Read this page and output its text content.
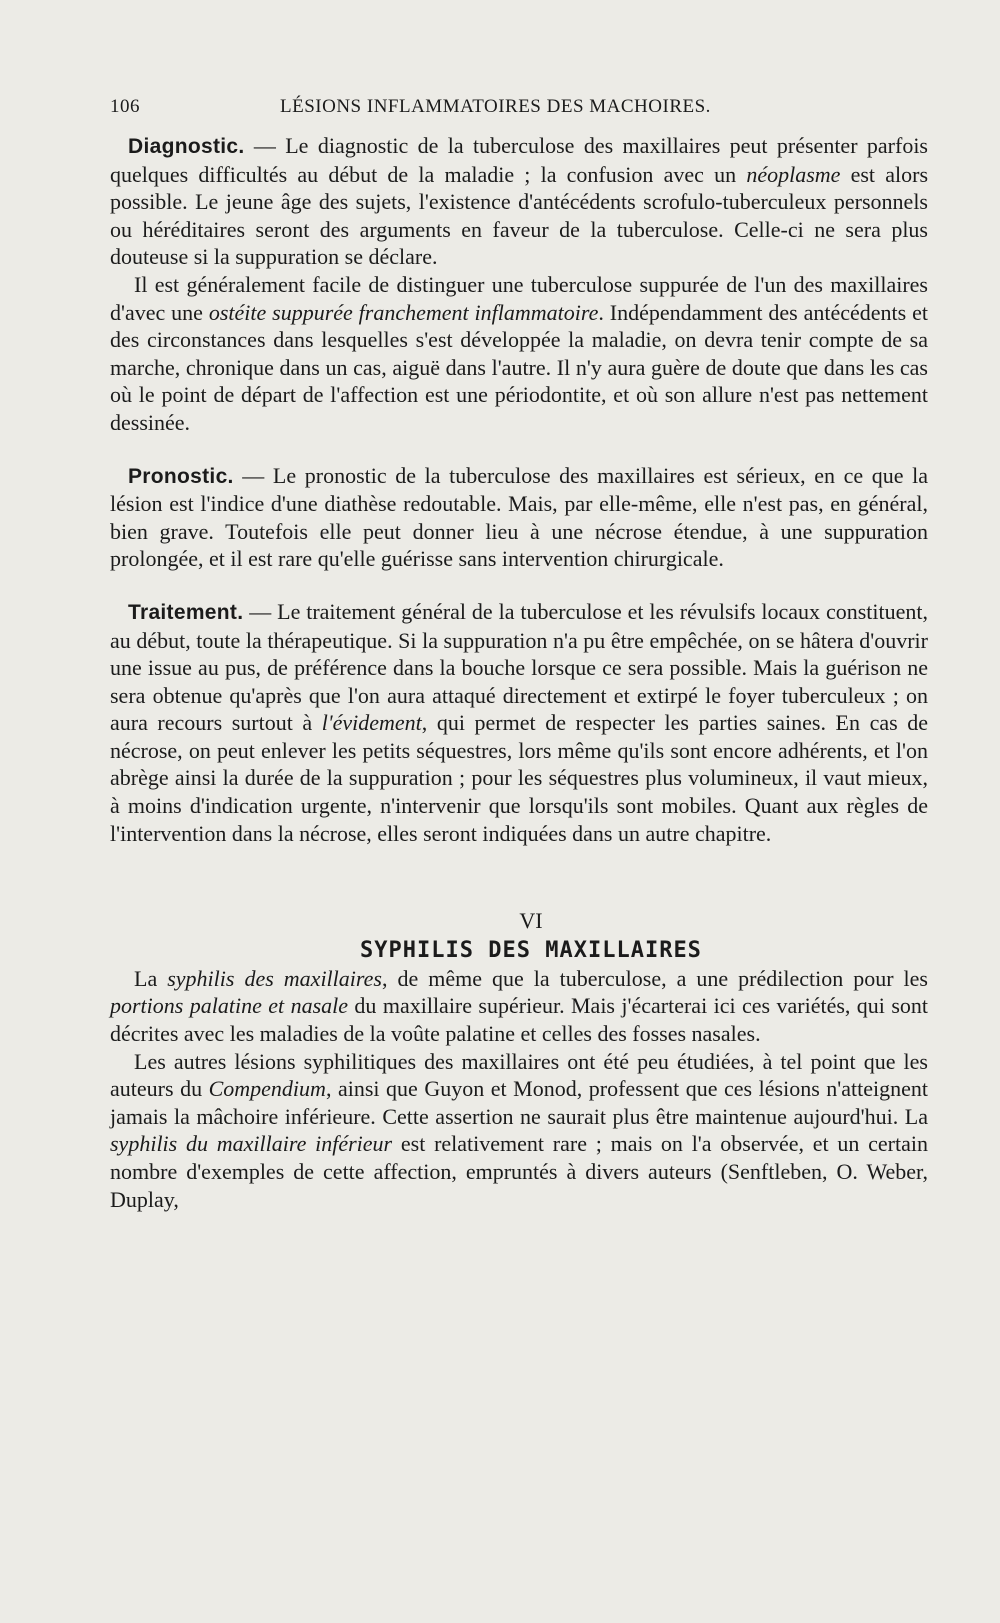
106	LÉSIONS INFLAMMATOIRES DES MACHOIRES.

Diagnostic. — Le diagnostic de la tuberculose des maxillaires peut présenter parfois quelques difficultés au début de la maladie ; la confusion avec un néoplasme est alors possible. Le jeune âge des sujets, l'existence d'antécédents scrofulo-tuberculeux personnels ou héréditaires seront des arguments en faveur de la tuberculose. Celle-ci ne sera plus douteuse si la suppuration se déclare.

Il est généralement facile de distinguer une tuberculose suppurée de l'un des maxillaires d'avec une ostéite suppurée franchement inflammatoire. Indépendamment des antécédents et des circonstances dans lesquelles s'est développée la maladie, on devra tenir compte de sa marche, chronique dans un cas, aiguë dans l'autre. Il n'y aura guère de doute que dans les cas où le point de départ de l'affection est une périodontite, et où son allure n'est pas nettement dessinée.

Pronostic. — Le pronostic de la tuberculose des maxillaires est sérieux, en ce que la lésion est l'indice d'une diathèse redoutable. Mais, par elle-même, elle n'est pas, en général, bien grave. Toutefois elle peut donner lieu à une nécrose étendue, à une suppuration prolongée, et il est rare qu'elle guérisse sans intervention chirurgicale.

Traitement. — Le traitement général de la tuberculose et les révulsifs locaux constituent, au début, toute la thérapeutique. Si la suppuration n'a pu être empêchée, on se hâtera d'ouvrir une issue au pus, de préférence dans la bouche lorsque ce sera possible. Mais la guérison ne sera obtenue qu'après que l'on aura attaqué directement et extirpé le foyer tuberculeux ; on aura recours surtout à l'évidement, qui permet de respecter les parties saines. En cas de nécrose, on peut enlever les petits séquestres, lors même qu'ils sont encore adhérents, et l'on abrège ainsi la durée de la suppuration ; pour les séquestres plus volumineux, il vaut mieux, à moins d'indication urgente, n'intervenir que lorsqu'ils sont mobiles. Quant aux règles de l'intervention dans la nécrose, elles seront indiquées dans un autre chapitre.

VI

SYPHILIS DES MAXILLAIRES

La syphilis des maxillaires, de même que la tuberculose, a une prédilection pour les portions palatine et nasale du maxillaire supérieur. Mais j'écarterai ici ces variétés, qui sont décrites avec les maladies de la voûte palatine et celles des fosses nasales.

Les autres lésions syphilitiques des maxillaires ont été peu étudiées, à tel point que les auteurs du Compendium, ainsi que Guyon et Monod, professent que ces lésions n'atteignent jamais la mâchoire inférieure. Cette assertion ne saurait plus être maintenue aujourd'hui. La syphilis du maxillaire inférieur est relativement rare ; mais on l'a observée, et un certain nombre d'exemples de cette affection, empruntés à divers auteurs (Senftleben, O. Weber, Duplay,
